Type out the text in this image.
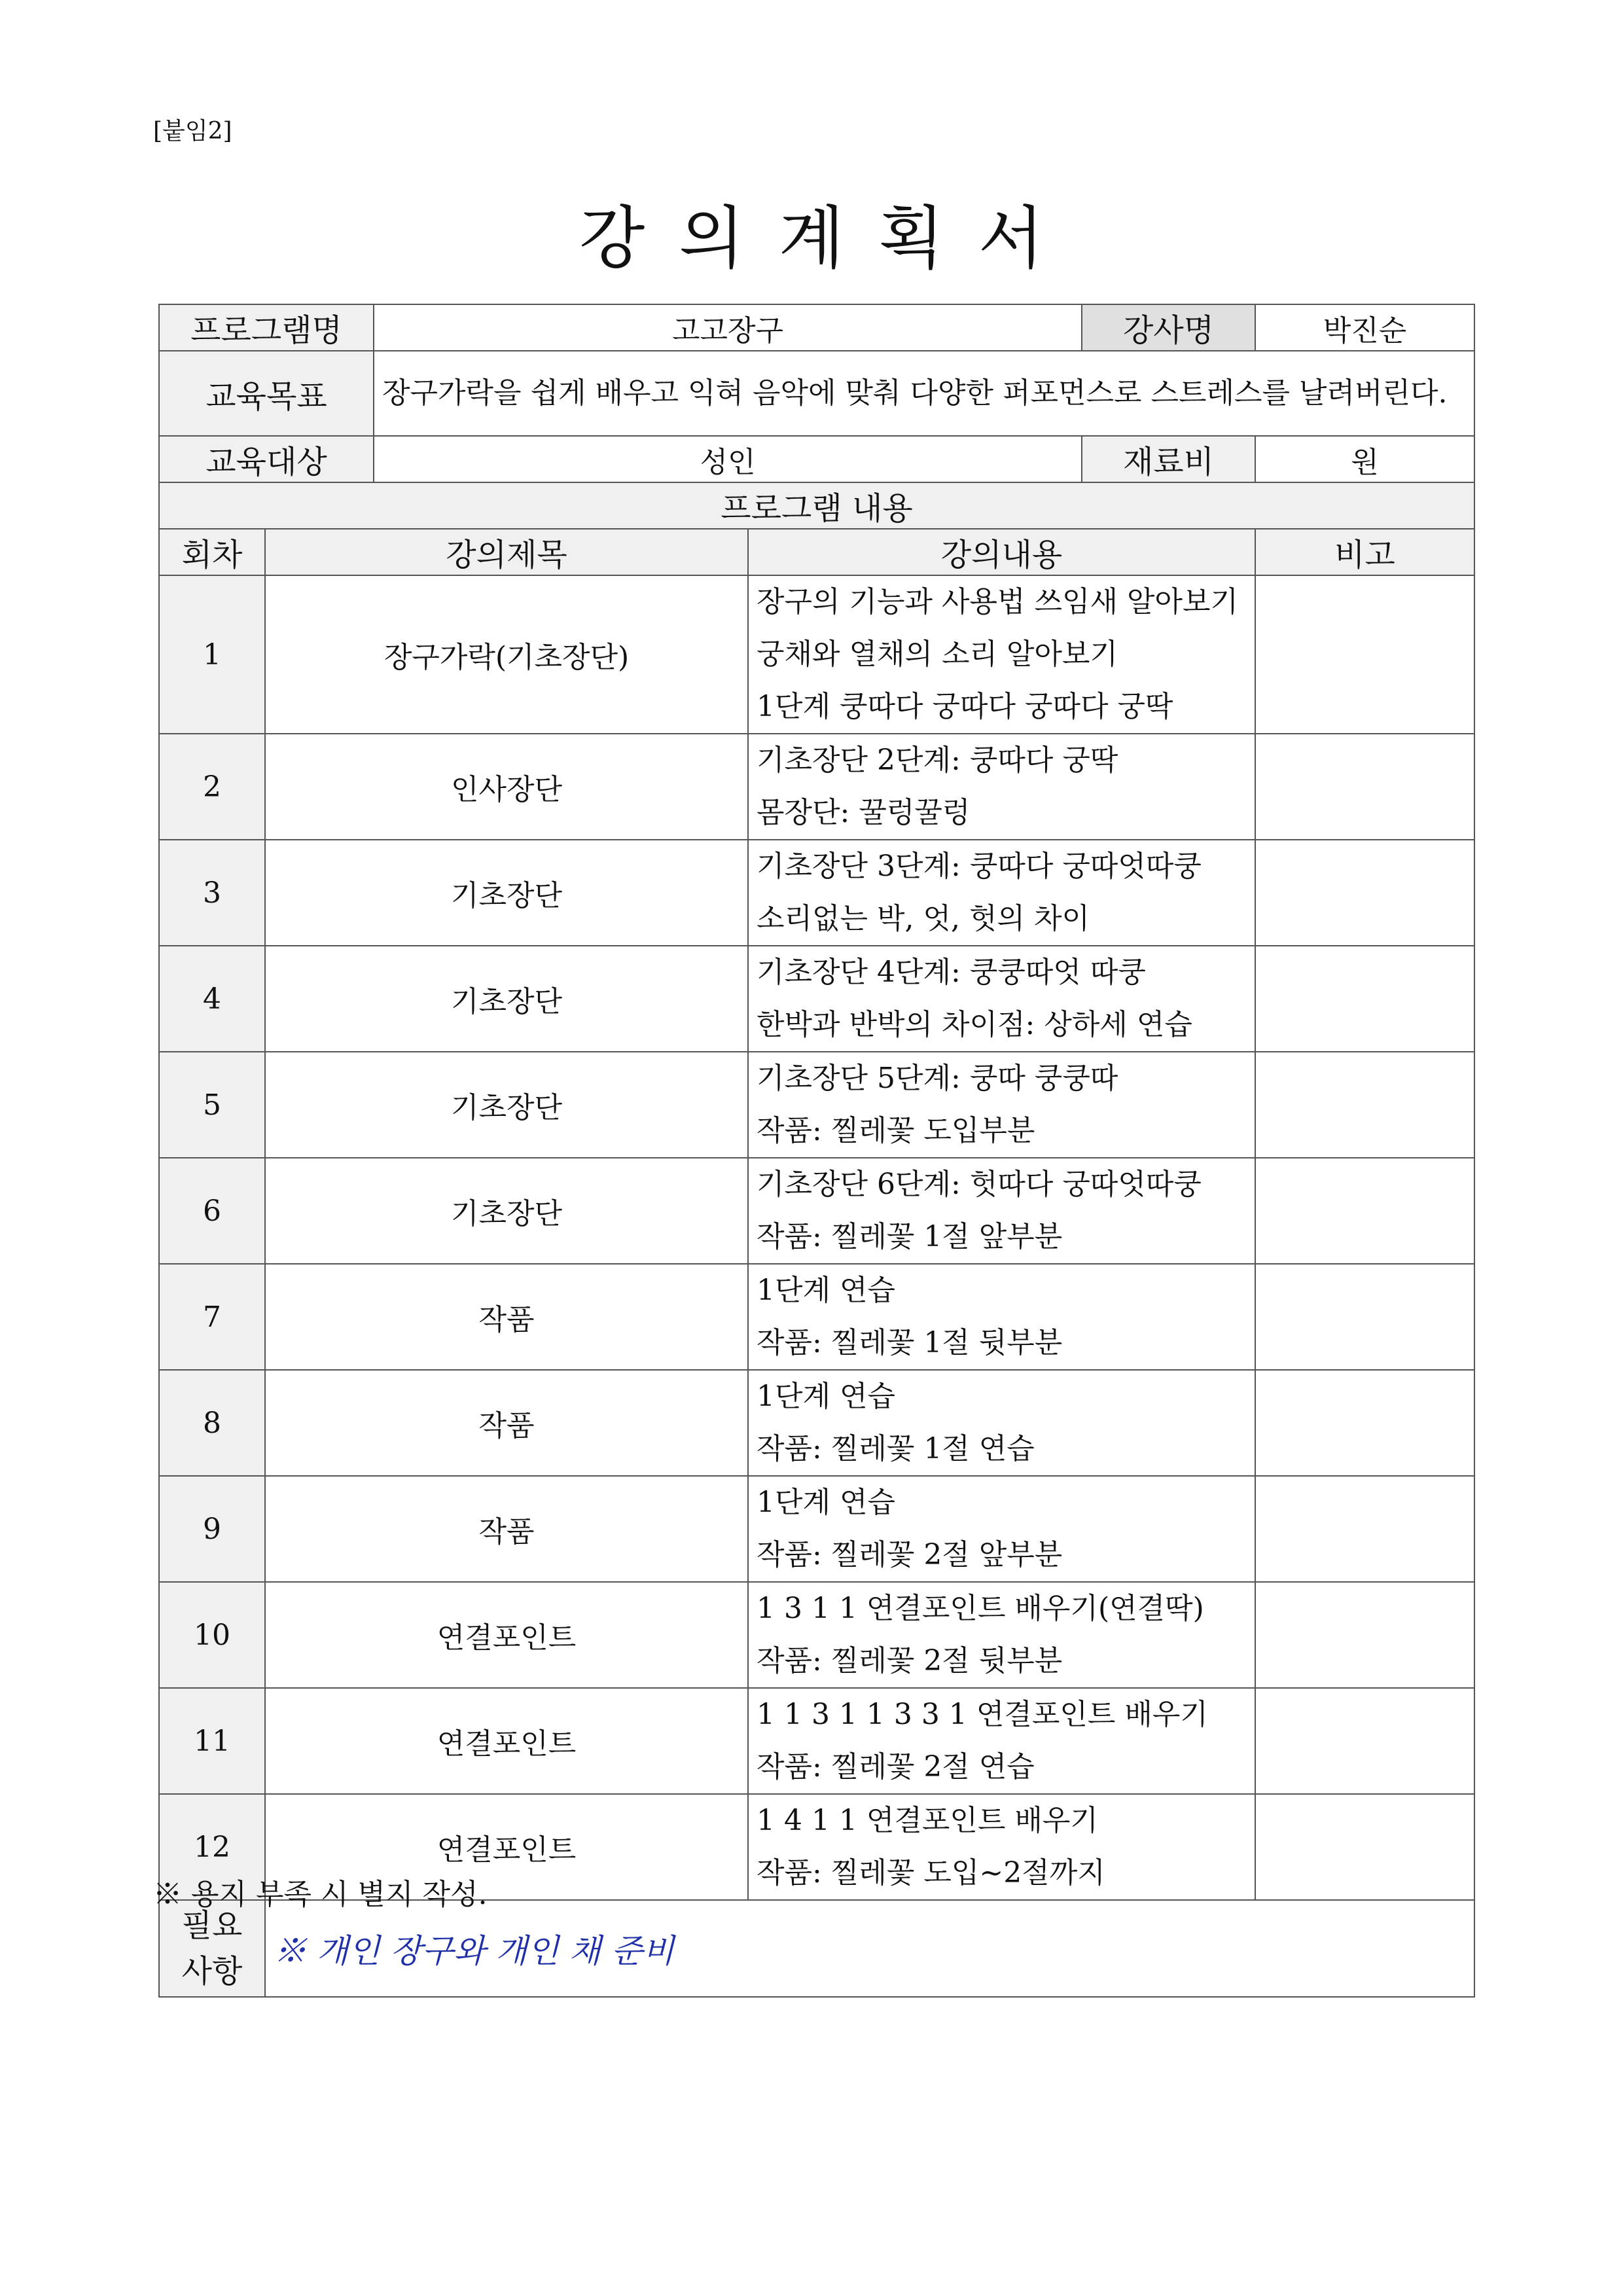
[붙임2]
강의계획서
프로그램명		고고장구		강사명	박진순
교육목표		장구가락을 쉽게 배우고 익혀 음악에 맞춰 다양한 퍼포먼스로 스트레스를 날려버린다.			
교육대상		성인		재료비	원
프로그램 내용					
회차	강의제목		강의내용		비고
1	장구가락(기초장단)		장구의 기능과 사용법 쓰임새 알아보기
궁채와 열채의 소리 알아보기
1단계 쿵따다 궁따다 궁따다 궁딱		

2	인사장단		기초장단 2단계: 쿵따다 궁딱
몸장단: 꿀렁꿀렁		

3	기초장단		기초장단 3단계: 쿵따다 궁따엇따쿵
소리없는 박, 엇, 헛의 차이		

4	기초장단		기초장단 4단계: 쿵쿵따엇 따쿵
한박과 반박의 차이점: 상하세 연습		

5	기초장단		기초장단 5단계: 쿵따 쿵쿵따
작품: 찔레꽃 도입부분		

6	기초장단		기초장단 6단계: 헛따다 궁따엇따쿵
작품: 찔레꽃 1절 앞부분		

7	작품		1단계 연습
작품: 찔레꽃 1절 뒷부분		

8	작품		1단계 연습
작품: 찔레꽃 1절 연습		

9	작품		1단계 연습
작품: 찔레꽃 2절 앞부분		

10	연결포인트		1 3 1 1 연결포인트 배우기(연결딱)
작품: 찔레꽃 2절 뒷부분		

11	연결포인트		1 1 3 1 1 3 3 1 연결포인트 배우기
작품: 찔레꽃 2절 연습		

12	연결포인트		1 4 1 1 연결포인트 배우기
작품: 찔레꽃 도입~2절까지		

필요
사항	※ 개인 장구와 개인 채 준비				
※ 용지 부족 시 별지 작성.
